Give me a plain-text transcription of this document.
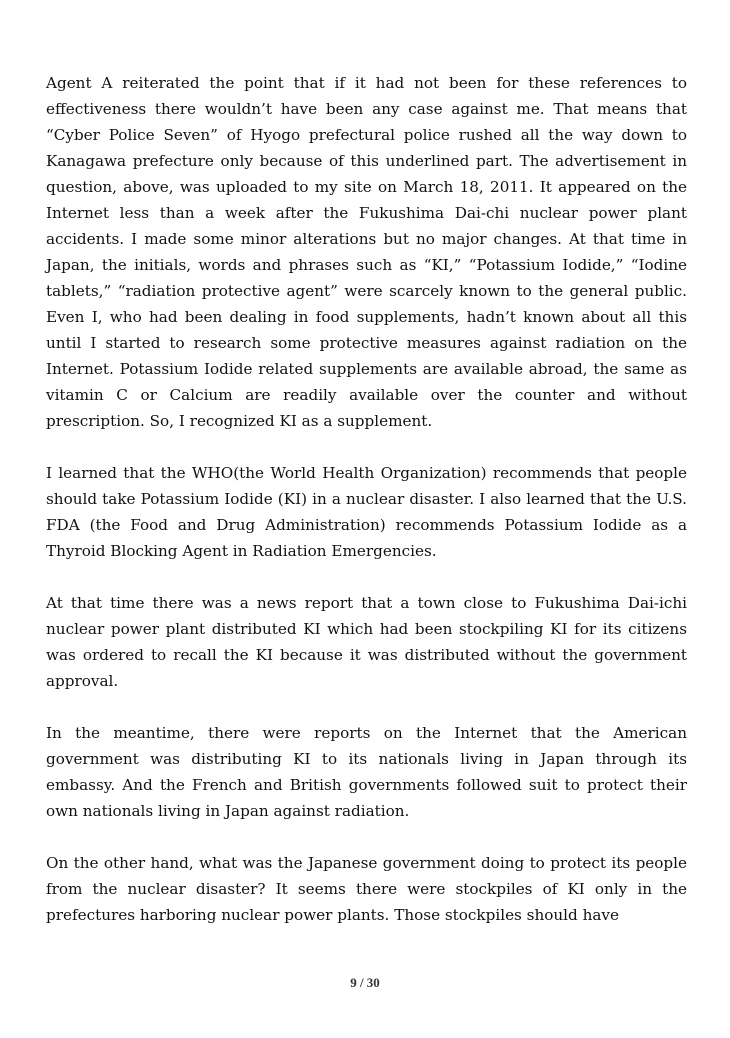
Agent A reiterated the point that if it had not been for these references to effectiveness there wouldn’t have been any case against me. That means that “Cyber Police Seven” of Hyogo prefectural police rushed all the way down to Kanagawa prefecture only because of this underlined part. The advertisement in question, above, was uploaded to my site on March 18, 2011. It appeared on the Internet less than a week after the Fukushima Dai-chi nuclear power plant accidents. I made some minor alterations but no major changes. At that time in Japan, the initials, words and phrases such as “KI,” “Potassium Iodide,” “Iodine tablets,” “radiation protective agent” were scarcely known to the general public. Even I, who had been dealing in food supplements, hadn’t known about all this until I started to research some protective measures against radiation on the Internet. Potassium Iodide related supplements are available abroad, the same as vitamin C or Calcium are readily available over the counter and without prescription. So, I recognized KI as a supplement.

I learned that the WHO(the World Health Organization) recommends that people should take Potassium Iodide (KI) in a nuclear disaster. I also learned that the U.S. FDA (the Food and Drug Administration) recommends Potassium Iodide as a Thyroid Blocking Agent in Radiation Emergencies.

At that time there was a news report that a town close to Fukushima Dai-ichi nuclear power plant distributed KI which had been stockpiling KI for its citizens was ordered to recall the KI because it was distributed without the government approval.

In the meantime, there were reports on the Internet that the American government was distributing KI to its nationals living in Japan through its embassy. And the French and British governments followed suit to protect their own nationals living in Japan against radiation.

On the other hand, what was the Japanese government doing to protect its people from the nuclear disaster? It seems there were stockpiles of KI only in the prefectures harboring nuclear power plants. Those stockpiles should have

9 / 30
